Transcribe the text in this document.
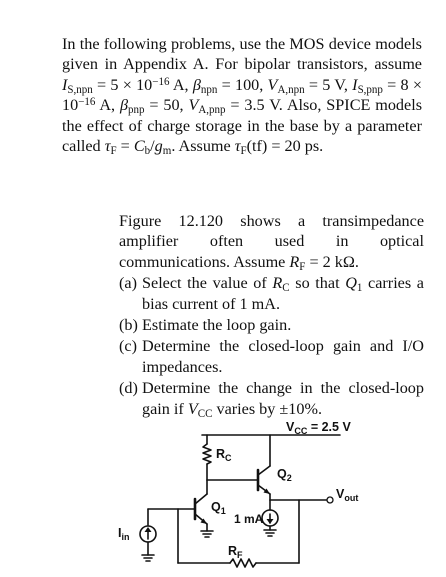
In the following problems, use the MOS device models given in Appendix A. For bipolar transistors, assume $I_{S,npn} = 5 \times 10^{-16}$ A, $\beta_{npn} = 100$, $V_{A,npn} = 5$ V, $I_{S,pnp} = 8 \times 10^{-16}$ A, $\beta_{pnp} = 50$, $V_{A,pnp} = 3.5$ V. Also, SPICE models the effect of charge storage in the base by a parameter called $\tau_F = C_b/g_m$. Assume $\tau_F(tf) = 20$ ps.

Figure 12.120 shows a transimpedance amplifier often used in optical communications. Assume $R_F = 2$ kΩ.

(a) Select the value of $R_C$ so that $Q_1$ carries a bias current of 1 mA.
(b) Estimate the loop gain.
(c) Determine the closed-loop gain and I/O impedances.
(d) Determine the change in the closed-loop gain if $V_{CC}$ varies by ±10%.
$V_{CC} = 2.5$ V
$R_C$
$Q_2$
$Q_1$
1 mA
$V_{out}$
$I_{in}$
$R_F$
